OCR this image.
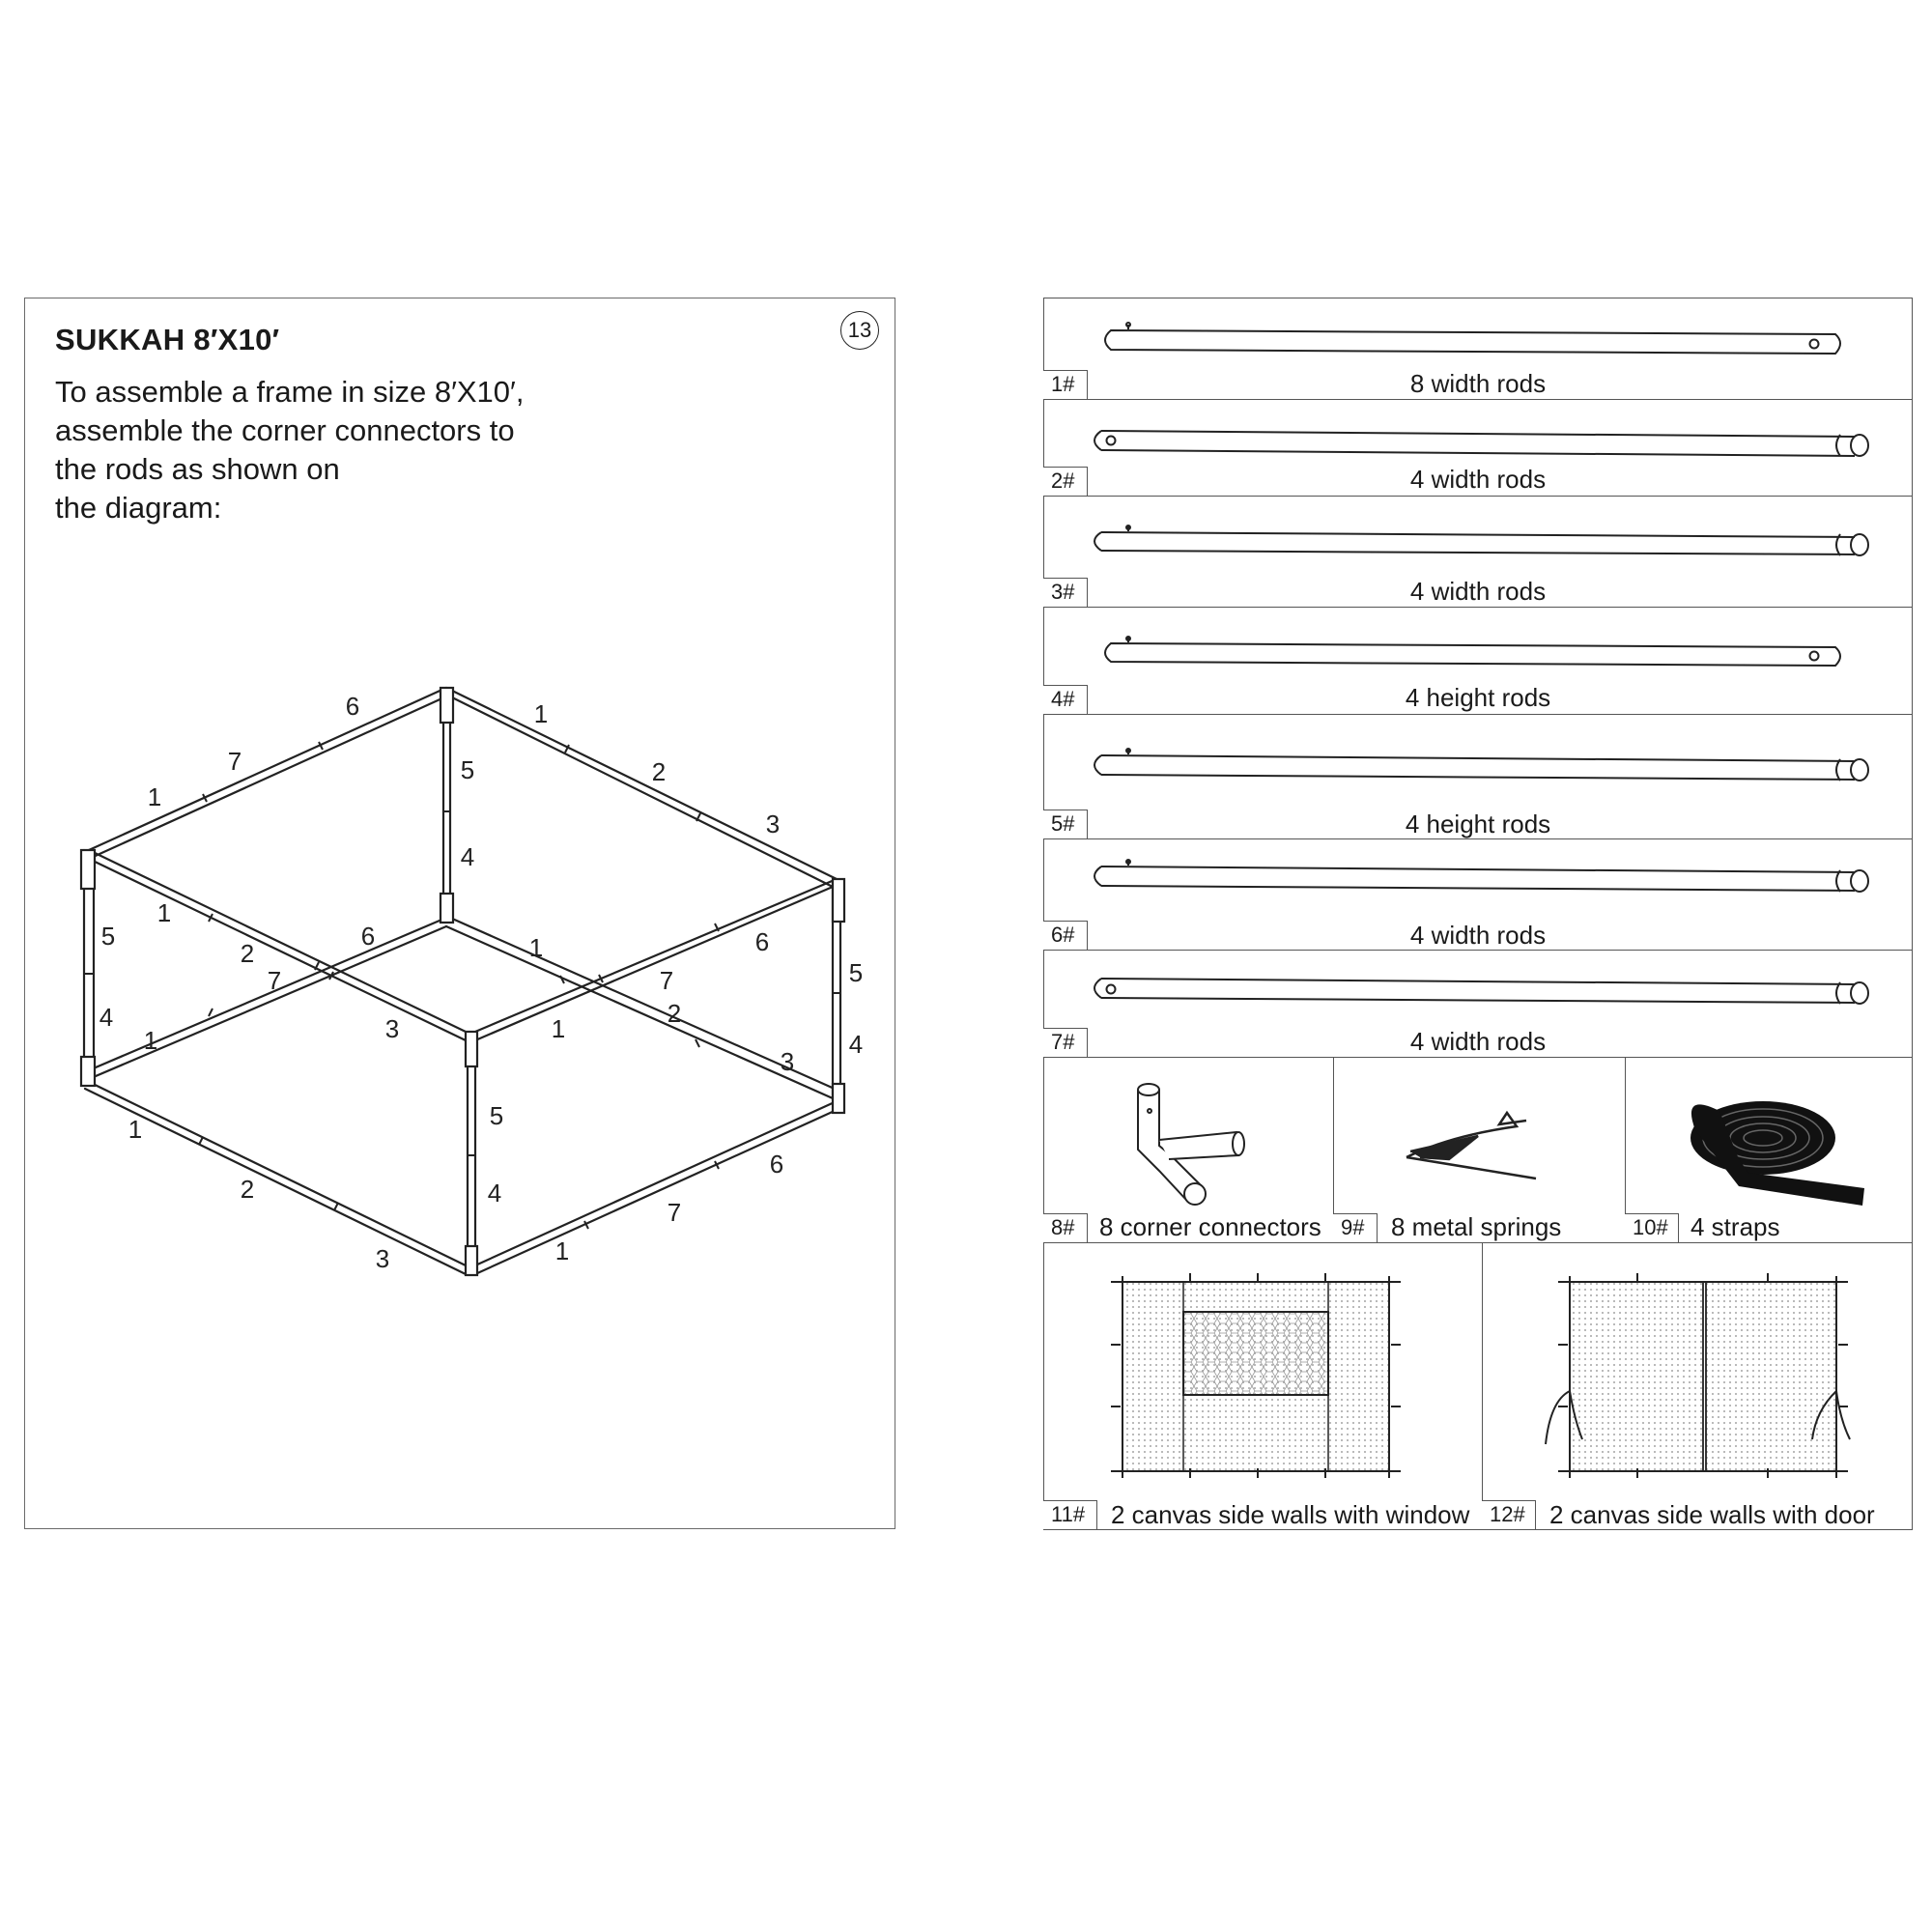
13
SUKKAH 8′X10′
To assemble a frame in size 8′X10′,
assemble the corner connectors to
the rods as shown on
the diagram:
6
7
1
1
2
3
5
4
5
4
5
4
5
4
1
2
3
6
7
1
1
2
3
6
7
1
1
2
3
6
7
1
1#	8 width rods
2#	4 width rods
3#	4 width rods
4#	4 height rods
5#	4 height rods
6#	4 width rods
7#	4 width rods
8# 8 corner connectors 9#	8 metal springs	10# 4 straps
11#	2 canvas side walls with window 12# 2 canvas side walls with door
